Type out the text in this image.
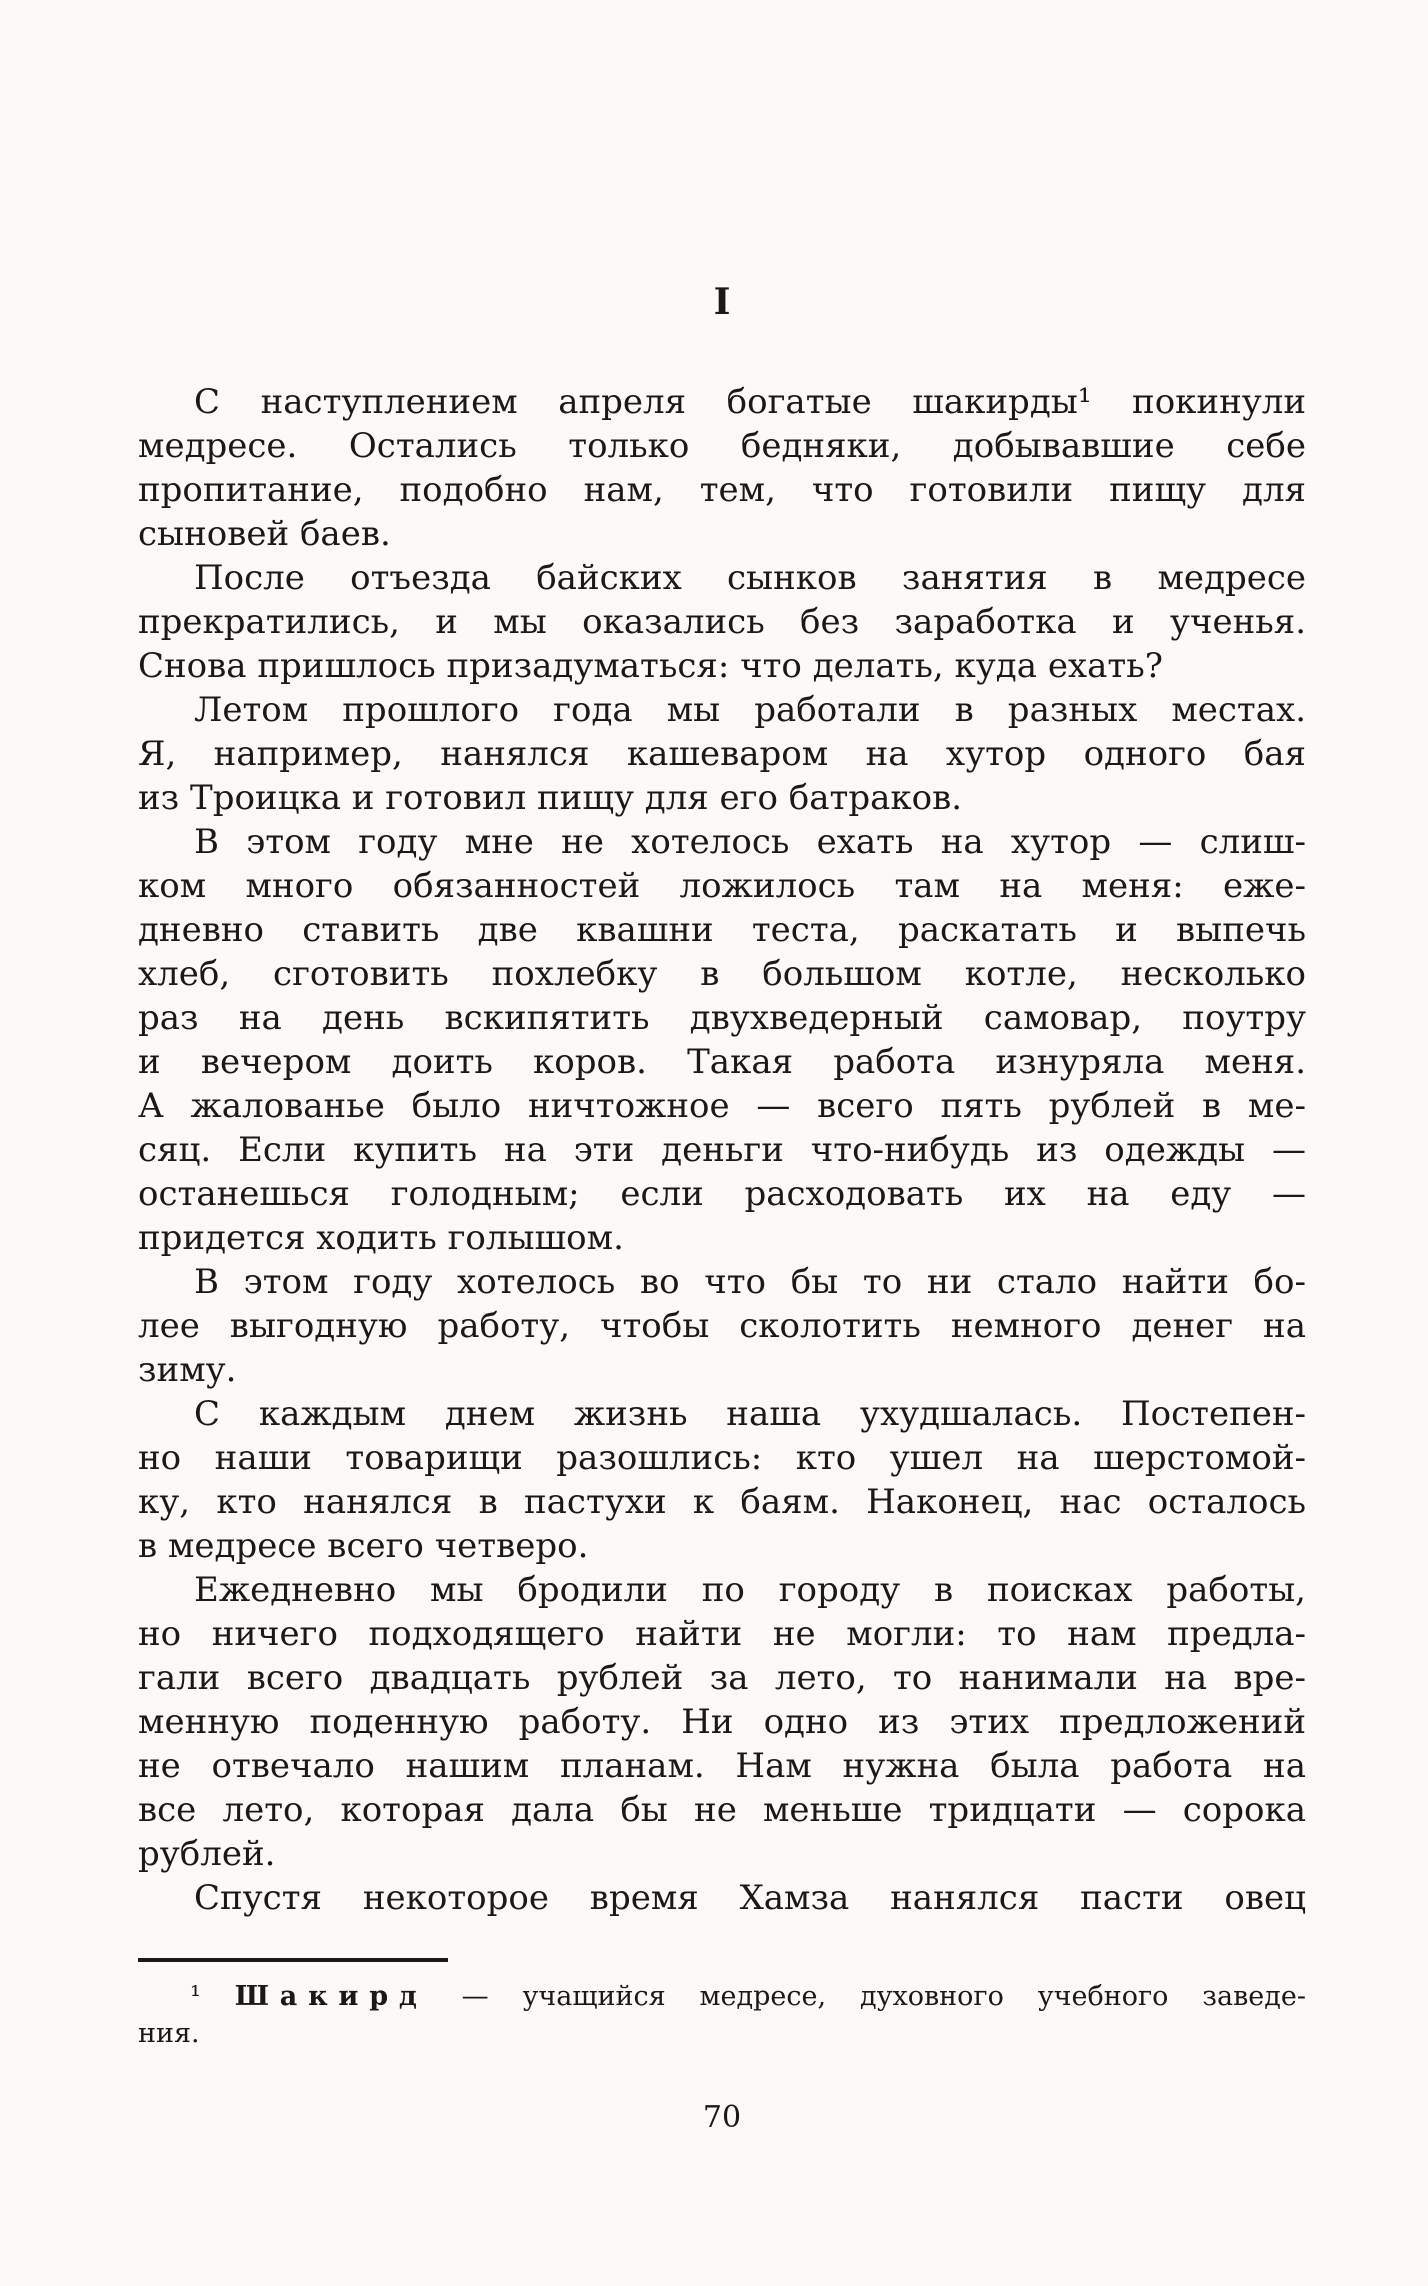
I
С наступлением апреля богатые шакирды¹ покинули
медресе. Остались только бедняки, добывавшие себе
пропитание, подобно нам, тем, что готовили пищу для
сыновей баев.
После отъезда байских сынков занятия в медресе
прекратились, и мы оказались без заработка и ученья.
Снова пришлось призадуматься: что делать, куда ехать?
Летом прошлого года мы работали в разных местах.
Я, например, нанялся кашеваром на хутор одного бая
из Троицка и готовил пищу для его батраков.
В этом году мне не хотелось ехать на хутор — слиш-
ком много обязанностей ложилось там на меня: еже-
дневно ставить две квашни теста, раскатать и выпечь
хлеб, сготовить похлебку в большом котле, несколько
раз на день вскипятить двухведерный самовар, поутру
и вечером доить коров. Такая работа изнуряла меня.
А жалованье было ничтожное — всего пять рублей в ме-
сяц. Если купить на эти деньги что-нибудь из одежды —
останешься голодным; если расходовать их на еду —
придется ходить голышом.
В этом году хотелось во что бы то ни стало найти бо-
лее выгодную работу, чтобы сколотить немного денег на
зиму.
С каждым днем жизнь наша ухудшалась. Постепен-
но наши товарищи разошлись: кто ушел на шерстомой-
ку, кто нанялся в пастухи к баям. Наконец, нас осталось
в медресе всего четверо.
Ежедневно мы бродили по городу в поисках работы,
но ничего подходящего найти не могли: то нам предла-
гали всего двадцать рублей за лето, то нанимали на вре-
менную поденную работу. Ни одно из этих предложений
не отвечало нашим планам. Нам нужна была работа на
все лето, которая дала бы не меньше тридцати — сорока
рублей.
Спустя некоторое время Хамза нанялся пасти овец
¹ Шакирд — учащийся медресе, духовного учебного заведе-
ния.
70
